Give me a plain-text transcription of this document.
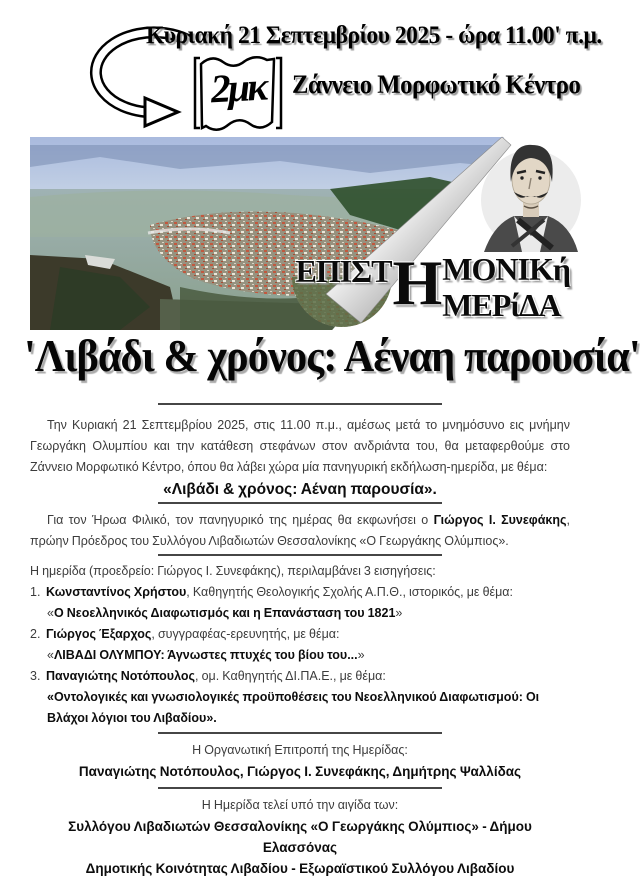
Κυριακή 21 Σεπτεμβρίου 2025 - ώρα 11.00' π.μ.
2μκ Ζάννειο Μορφωτικό Κέντρο
ΕΠΙΣΤ Η ΜΟΝΙΚή
ΜΕΡίΔΑ
'Λιβάδι & χρόνος: Αέναη παρουσία'

Την Κυριακή 21 Σεπτεμβρίου 2025, στις 11.00 π.μ., αμέσως μετά το μνημόσυνο εις μνήμην Γεωργάκη Ολυμπίου και την κατάθεση στεφάνων στον ανδριάντα του, θα μεταφερθούμε στο Ζάννειο Μορφωτικό Κέντρο, όπου θα λάβει χώρα μία πανηγυρική εκδήλωση-ημερίδα, με θέμα:

«Λιβάδι & χρόνος: Αέναη παρουσία».

Για τον Ήρωα Φιλικό, τον πανηγυρικό της ημέρας θα εκφωνήσει ο Γιώργος Ι. Συνεφάκης, πρώην Πρόεδρος του Συλλόγου Λιβαδιωτών Θεσσαλονίκης «Ο Γεωργάκης Ολύμπιος».

Η ημερίδα (προεδρείο: Γιώργος Ι. Συνεφάκης), περιλαμβάνει 3 εισηγήσεις:

1. Κωνσταντίνος Χρήστου, Καθηγητής Θεολογικής Σχολής Α.Π.Θ., ιστορικός, με θέμα:
«Ο Νεοελληνικός Διαφωτισμός και η Επανάσταση του 1821»
2. Γιώργος Έξαρχος, συγγραφέας-ερευνητής, με θέμα:
«ΛΙΒΑΔΙ ΟΛΥΜΠΟΥ: Άγνωστες πτυχές του βίου του...»
3. Παναγιώτης Νοτόπουλος, ομ. Καθηγητής ΔΙ.ΠΑ.Ε., με θέμα:
«Οντολογικές και γνωσιολογικές προϋποθέσεις του Νεοελληνικού Διαφωτισμού: Οι Βλάχοι λόγιοι του Λιβαδίου».

Η Οργανωτική Επιτροπή της Ημερίδας:

Παναγιώτης Νοτόπουλος, Γιώργος Ι. Συνεφάκης, Δημήτρης Ψαλλίδας

Η Ημερίδα τελεί υπό την αιγίδα των:

Συλλόγου Λιβαδιωτών Θεσσαλονίκης «Ο Γεωργάκης Ολύμπιος» - Δήμου Ελασσόνας

Δημοτικής Κοινότητας Λιβαδίου - Εξωραϊστικού Συλλόγου Λιβαδίου
